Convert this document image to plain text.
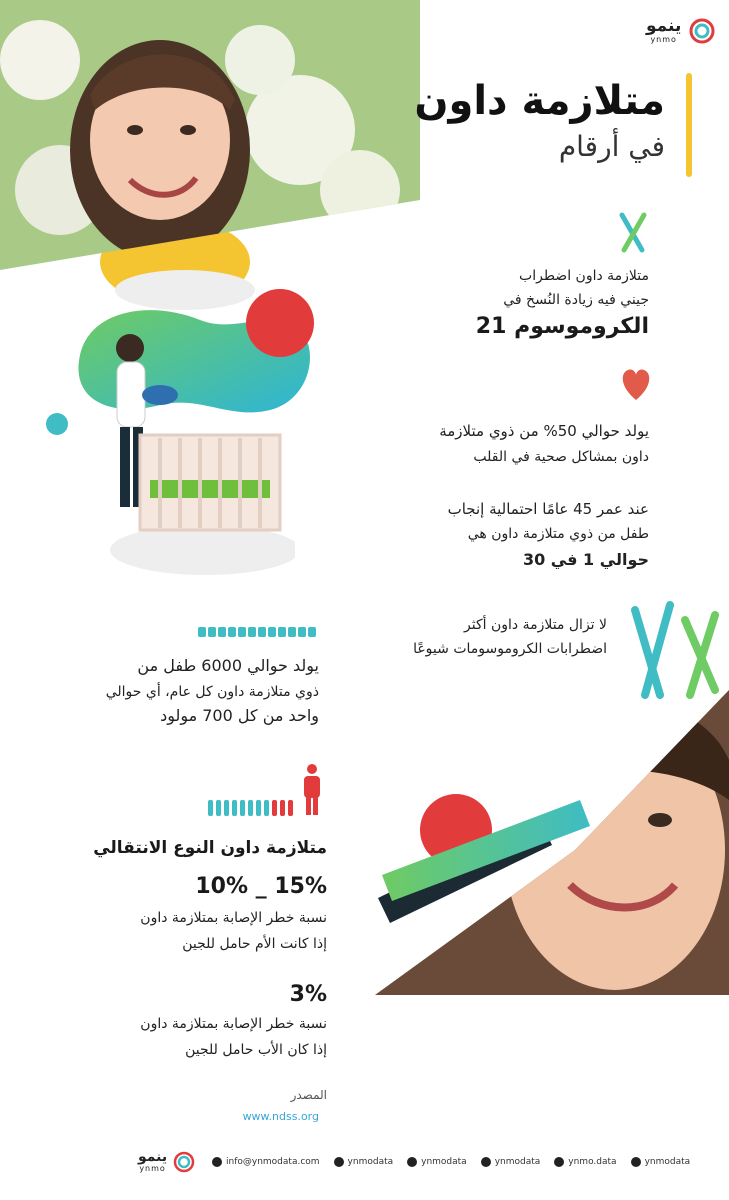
ينمو
ynmo
متلازمة داون
في أرقام
متلازمة داون اضطراب
جيني فيه زيادة النُسخ في
الكروموسوم 21
يولد حوالي 50% من ذوي متلازمة
داون بمشاكل صحية في القلب
عند عمر 45 عامًا احتمالية إنجاب
طفل من ذوي متلازمة داون هي
حوالي 1 في 30
لا تزال متلازمة داون أكثر
اضطرابات الكروموسومات شيوعًا
يولد حوالي 6000 طفل من
ذوي متلازمة داون كل عام، أي حوالي
واحد من كل 700 مولود
متلازمة داون النوع الانتقالي
15% _ 10%
نسبة خطر الإصابة بمتلازمة داون
إذا كانت الأم حامل للجين
3%
نسبة خطر الإصابة بمتلازمة داون
إذا كان الأب حامل للجين
المصدر
www.ndss.org
ينمو
ynmo
info@ynmodata.com	ynmodata	ynmodata	ynmodata	ynmo.data	ynmodata
